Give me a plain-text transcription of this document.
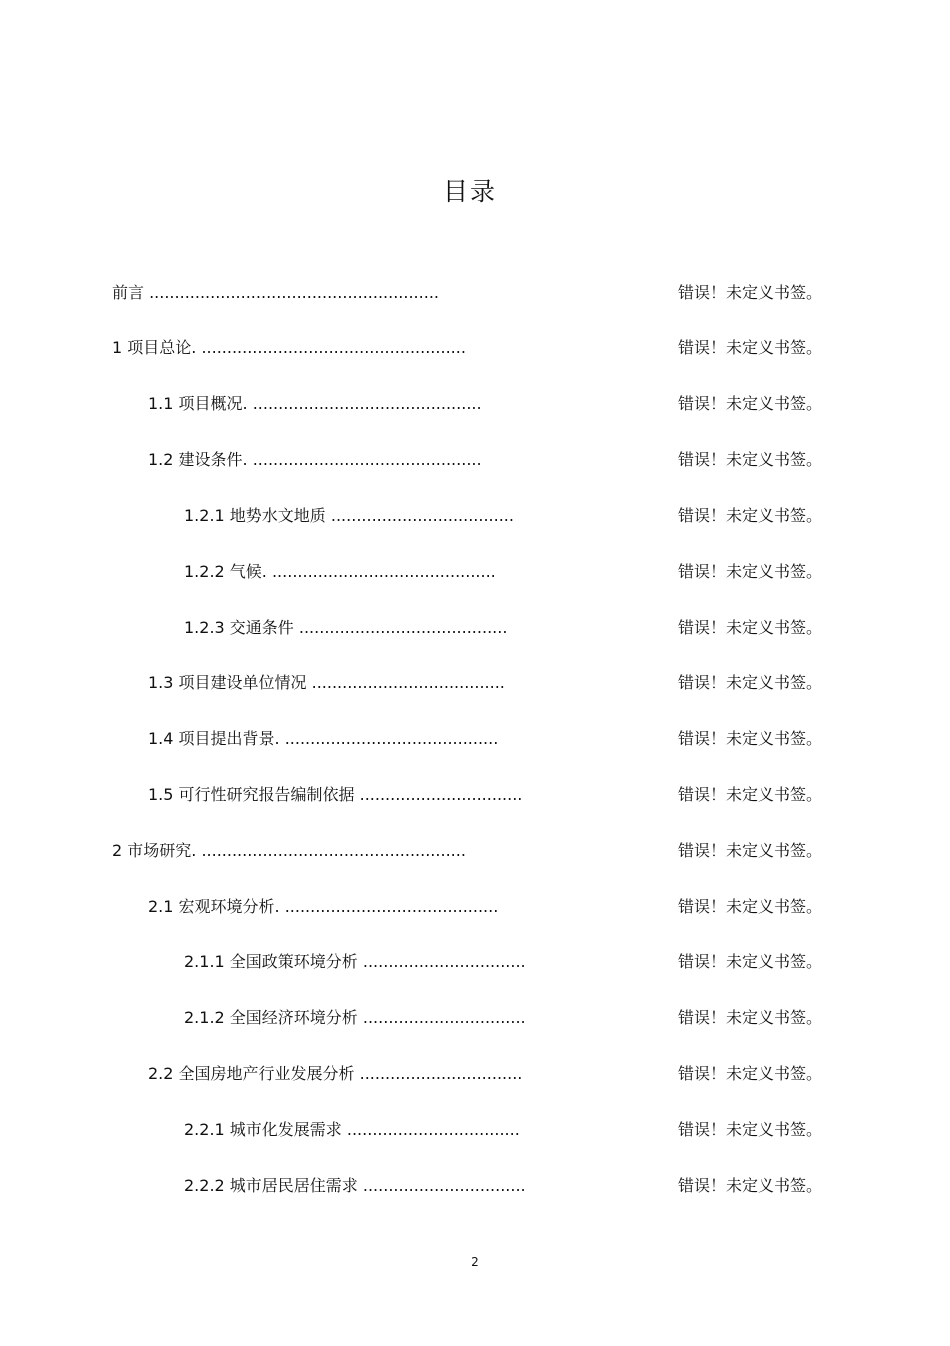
目录
前言 .........................................................	错误！未定义书签。
1 项目总论. ....................................................	错误！未定义书签。
1.1 项目概况. .............................................	错误！未定义书签。
1.2 建设条件. .............................................	错误！未定义书签。
1.2.1 地势水文地质 ....................................	错误！未定义书签。
1.2.2 气候. ............................................	错误！未定义书签。
1.2.3 交通条件 .........................................	错误！未定义书签。
1.3 项目建设单位情况 ......................................	错误！未定义书签。
1.4 项目提出背景. ..........................................	错误！未定义书签。
1.5 可行性研究报告编制依据 ................................	错误！未定义书签。
2 市场研究. ....................................................	错误！未定义书签。
2.1 宏观环境分析. ..........................................	错误！未定义书签。
2.1.1 全国政策环境分析 ................................	错误！未定义书签。
2.1.2 全国经济环境分析 ................................	错误！未定义书签。
2.2 全国房地产行业发展分析 ................................	错误！未定义书签。
2.2.1 城市化发展需求 ..................................	错误！未定义书签。
2.2.2 城市居民居住需求 ................................	错误！未定义书签。
2
